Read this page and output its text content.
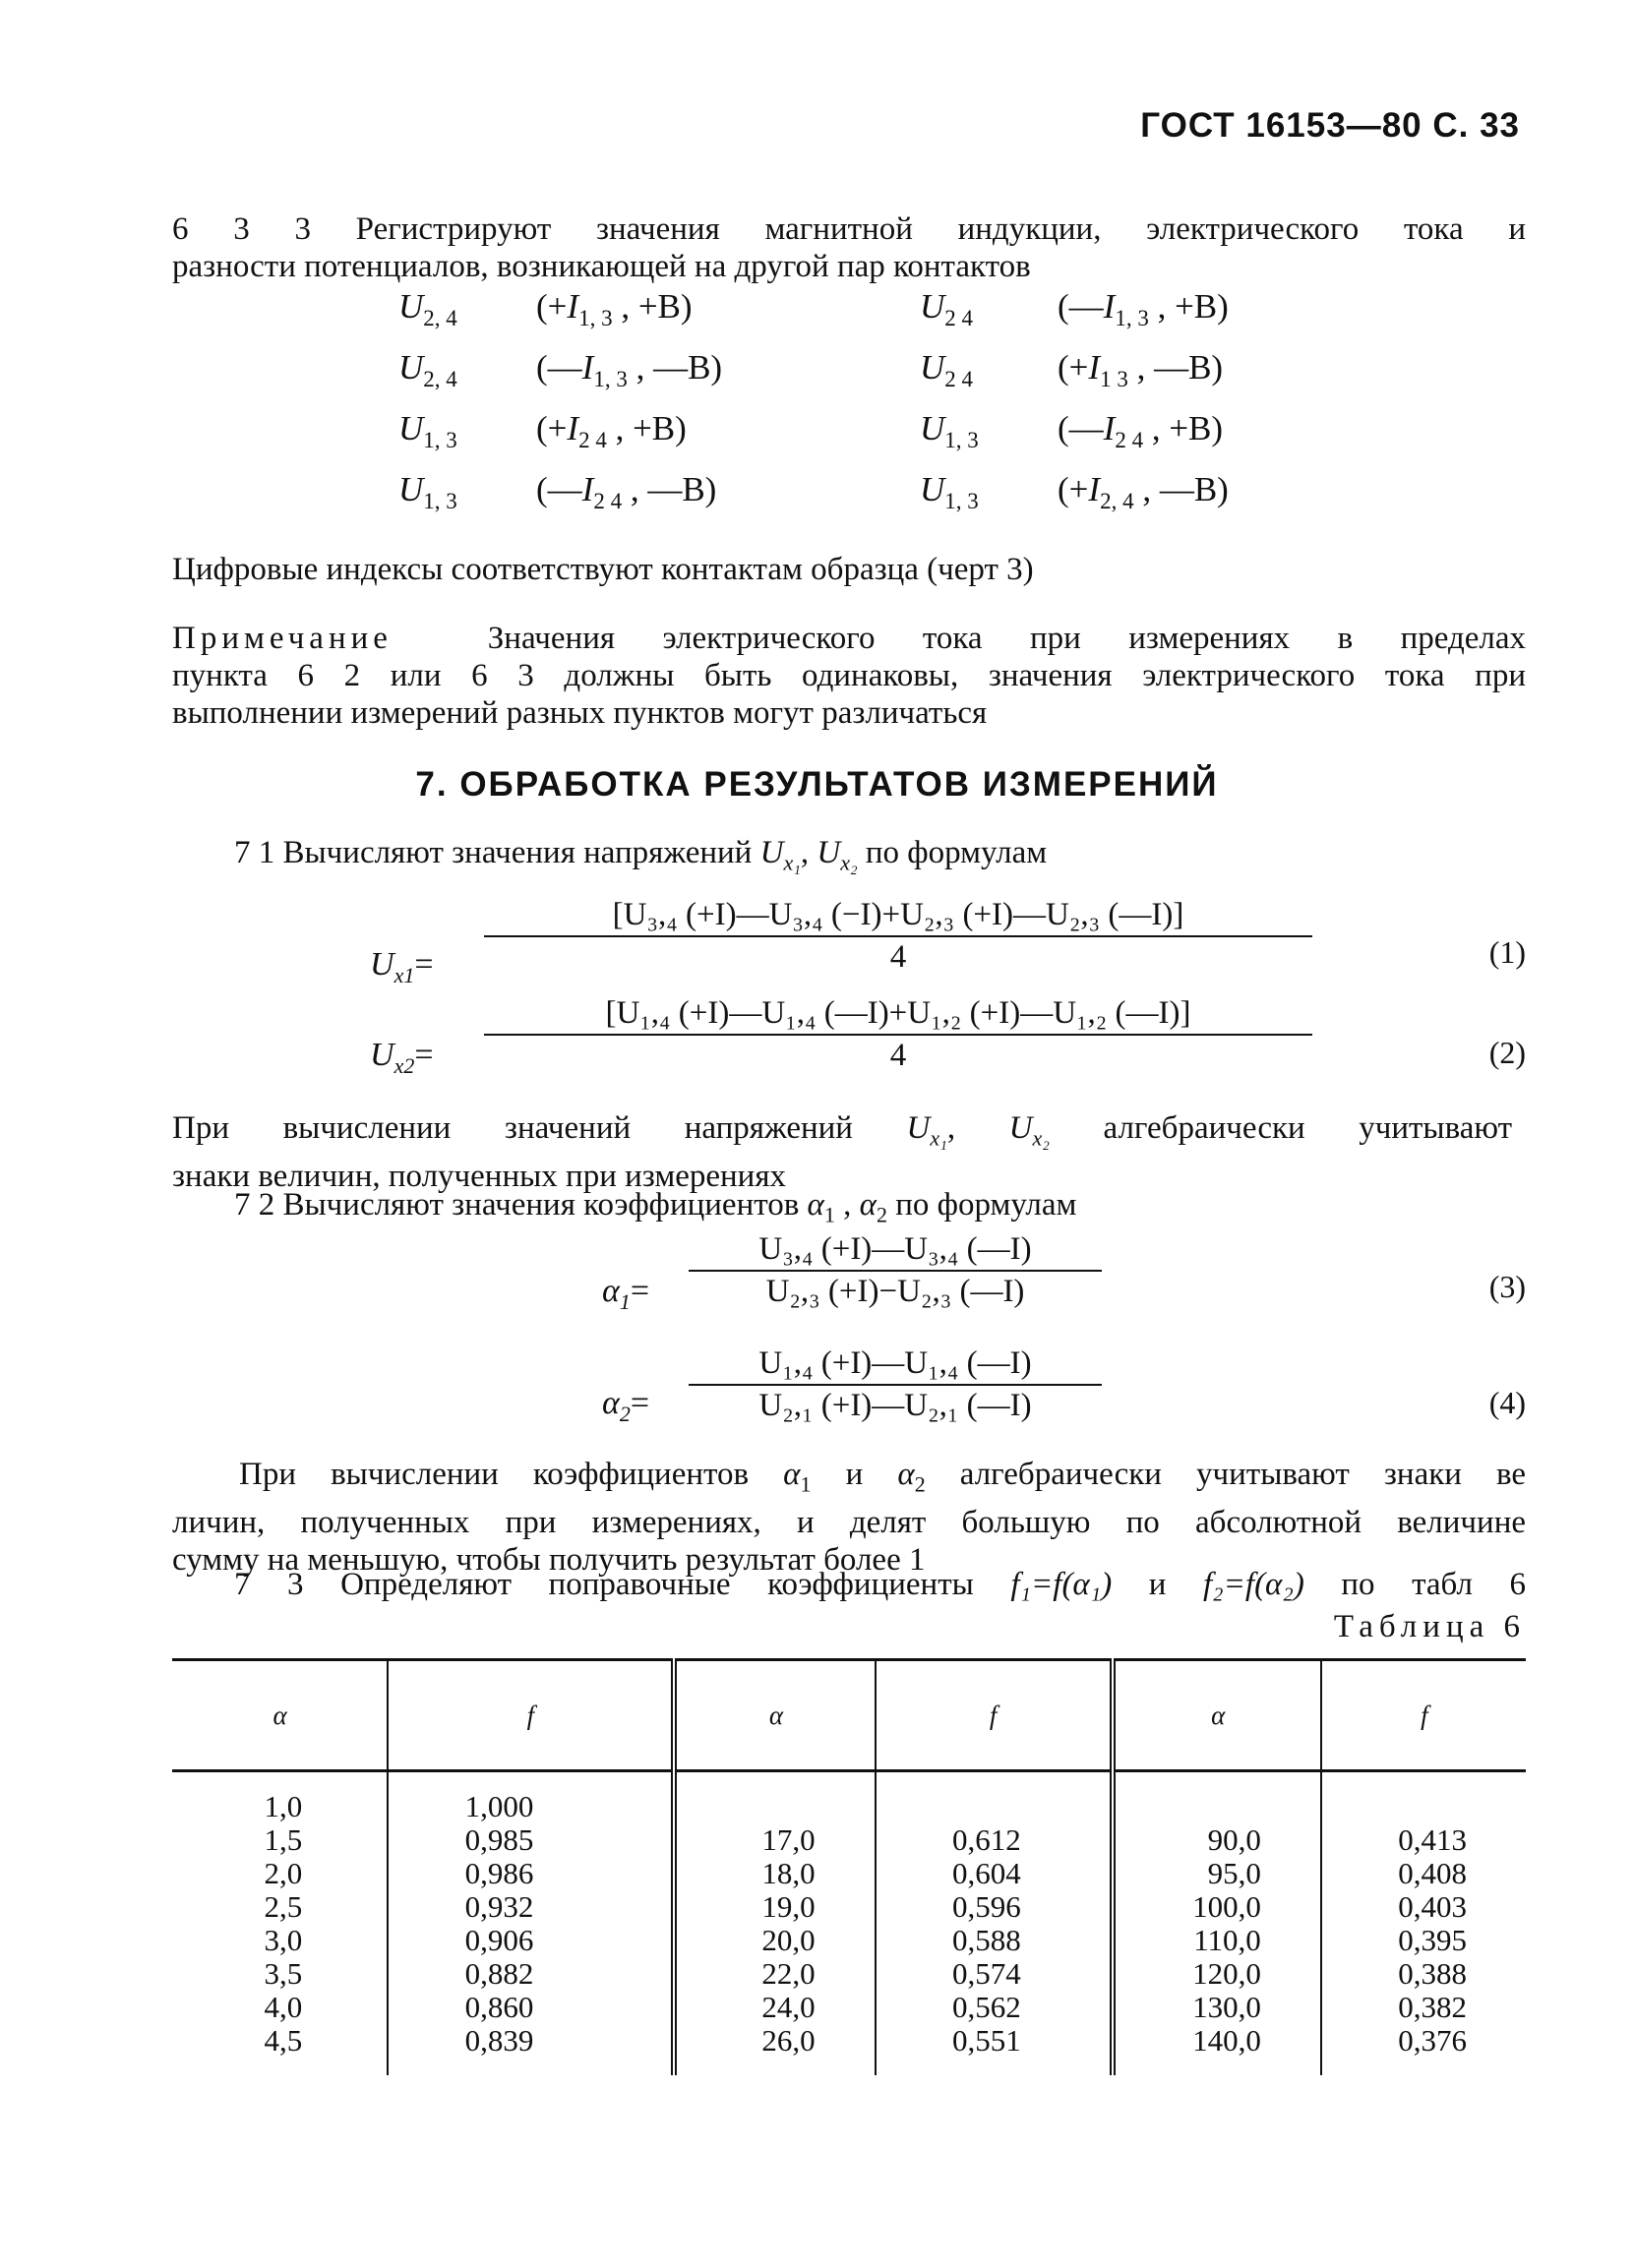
ГОСТ 16153—80 С. 33
6 3 3 Регистрируют значения магнитной индукции, электрического тока и
разности потенциалов, возникающей на другой пар контактов
$U_{2, 4}$ ($+I_{1, 3}$ , +B)	$U_{2 4}$ ($—I_{1, 3}$ , +B)
$U_{2, 4}$ ($—I_{1, 3}$ , —B)	$U_{2 4}$ ($+I_{1 3}$ , —B)
$U_{1, 3}$ ($+I_{2 4}$ , +B)	$U_{1, 3}$ ($—I_{2 4}$ , +B)
$U_{1, 3}$ ($—I_{2 4}$ , —B)	$U_{1, 3}$ ($+I_{2, 4}$ , —B)
Цифровые индексы соответствуют контактам образца (черт 3)
Примечание	Значения электрического тока при измерениях в пределах
пункта 6 2 или 6 3 должны быть одинаковы, значения электрического тока при
выполнении измерений разных пунктов могут различаться
7. ОБРАБОТКА РЕЗУЛЬТАТОВ ИЗМЕРЕНИЙ
7 1 Вычисляют значения напряжений $U_{x_1}$, $U_{x_2}$ по формулам
$U_{x1}=$
[U₃,₄ (+I)—U₃,₄ (−I)+U₂,₃ (+I)—U₂,₃ (—I)]
4	(1)
$U_{x2}=$
[U₁,₄ (+I)—U₁,₄ (—I)+U₁,₂ (+I)—U₁,₂ (—I)]
4	(2)
При вычислении значений напряжений $U_{x_1}$, $U_{x_2}$ алгебраически учитывают
знаки величин, полученных при измерениях
7 2 Вычисляют значения коэффициентов $\alpha_1$ , $\alpha_2$ по формулам
$\alpha_1=$
U₃,₄ (+I)—U₃,₄ (—I)
U₂,₃ (+I)−U₂,₃ (—I)	(3)
$\alpha_2=$
U₁,₄ (+I)—U₁,₄ (—I)
U₂,₁ (+I)—U₂,₁ (—I)	(4)
При вычислении коэффициентов $\alpha_1$ и $\alpha_2$ алгебраически учитывают знаки ве
личин, полученных при измерениях, и делят большую по абсолютной величине
сумму на меньшую, чтобы получить результат более 1
7 3 Определяют поправочные коэффициенты f₁=f(α₁) и f₂=f(α₂) по табл 6
Таблица 6
α	f	α	f	α	f

1,0	1,000				
1,5	0,985	17,0	0,612	90,0	0,413
2,0	0,986	18,0	0,604	95,0	0,408
2,5	0,932	19,0	0,596	100,0	0,403
3,0	0,906	20,0	0,588	110,0	0,395
3,5	0,882	22,0	0,574	120,0	0,388
4,0	0,860	24,0	0,562	130,0	0,382
4,5	0,839	26,0	0,551	140,0	0,376
